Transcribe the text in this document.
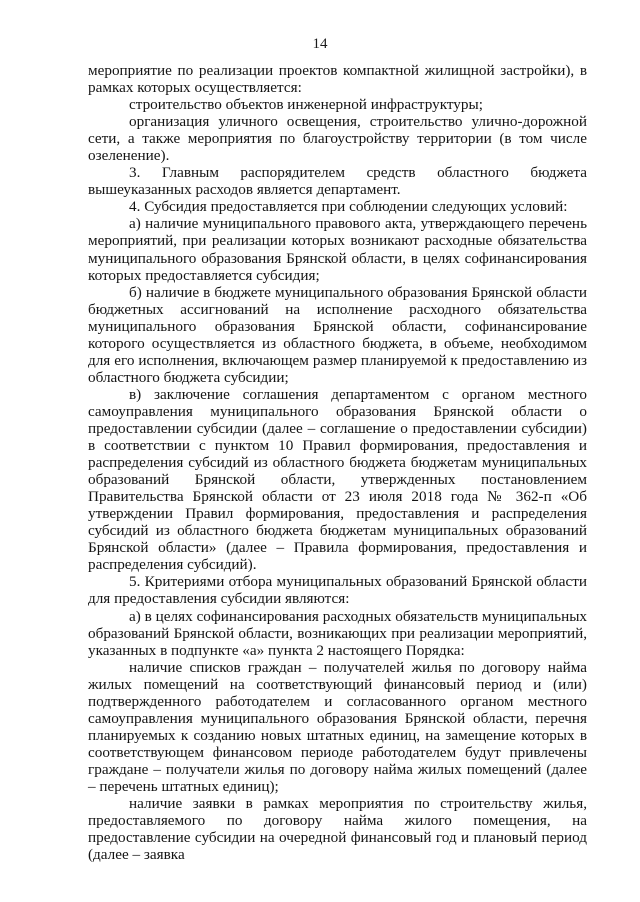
14

мероприятие по реализации проектов компактной жилищной застройки), в рамках которых осуществляется:

строительство объектов инженерной инфраструктуры;

организация уличного освещения, строительство улично-дорожной сети, а также мероприятия по благоустройству территории (в том числе озеленение).

3. Главным распорядителем средств областного бюджета вышеуказанных расходов является департамент.

4. Субсидия предоставляется при соблюдении следующих условий:

а) наличие муниципального правового акта, утверждающего перечень мероприятий, при реализации которых возникают расходные обязательства муниципального образования Брянской области, в целях софинансирования которых предоставляется субсидия;

б) наличие в бюджете муниципального образования Брянской области бюджетных ассигнований на исполнение расходного обязательства муниципального образования Брянской области, софинансирование которого осуществляется из областного бюджета, в объеме, необходимом для его исполнения, включающем размер планируемой к предоставлению из областного бюджета субсидии;

в) заключение соглашения департаментом с органом местного самоуправления муниципального образования Брянской области о предоставлении субсидии (далее – соглашение о предоставлении субсидии) в соответствии с пунктом 10 Правил формирования, предоставления и распределения субсидий из областного бюджета бюджетам муниципальных образований Брянской области, утвержденных постановлением Правительства Брянской области от 23 июля 2018 года № 362-п «Об утверждении Правил формирования, предоставления и распределения субсидий из областного бюджета бюджетам муниципальных образований Брянской области» (далее – Правила формирования, предоставления и распределения субсидий).

5. Критериями отбора муниципальных образований Брянской области для предоставления субсидии являются:

а) в целях софинансирования расходных обязательств муниципальных образований Брянской области, возникающих при реализации мероприятий, указанных в подпункте «а» пункта 2 настоящего Порядка:

наличие списков граждан – получателей жилья по договору найма жилых помещений на соответствующий финансовый период и (или) подтвержденного работодателем и согласованного органом местного самоуправления муниципального образования Брянской области, перечня планируемых к созданию новых штатных единиц, на замещение которых в соответствующем финансовом периоде работодателем будут привлечены граждане – получатели жилья по договору найма жилых помещений (далее – перечень штатных единиц);

наличие заявки в рамках мероприятия по строительству жилья, предоставляемого по договору найма жилого помещения, на предоставление субсидии на очередной финансовый год и плановый период (далее – заявка
